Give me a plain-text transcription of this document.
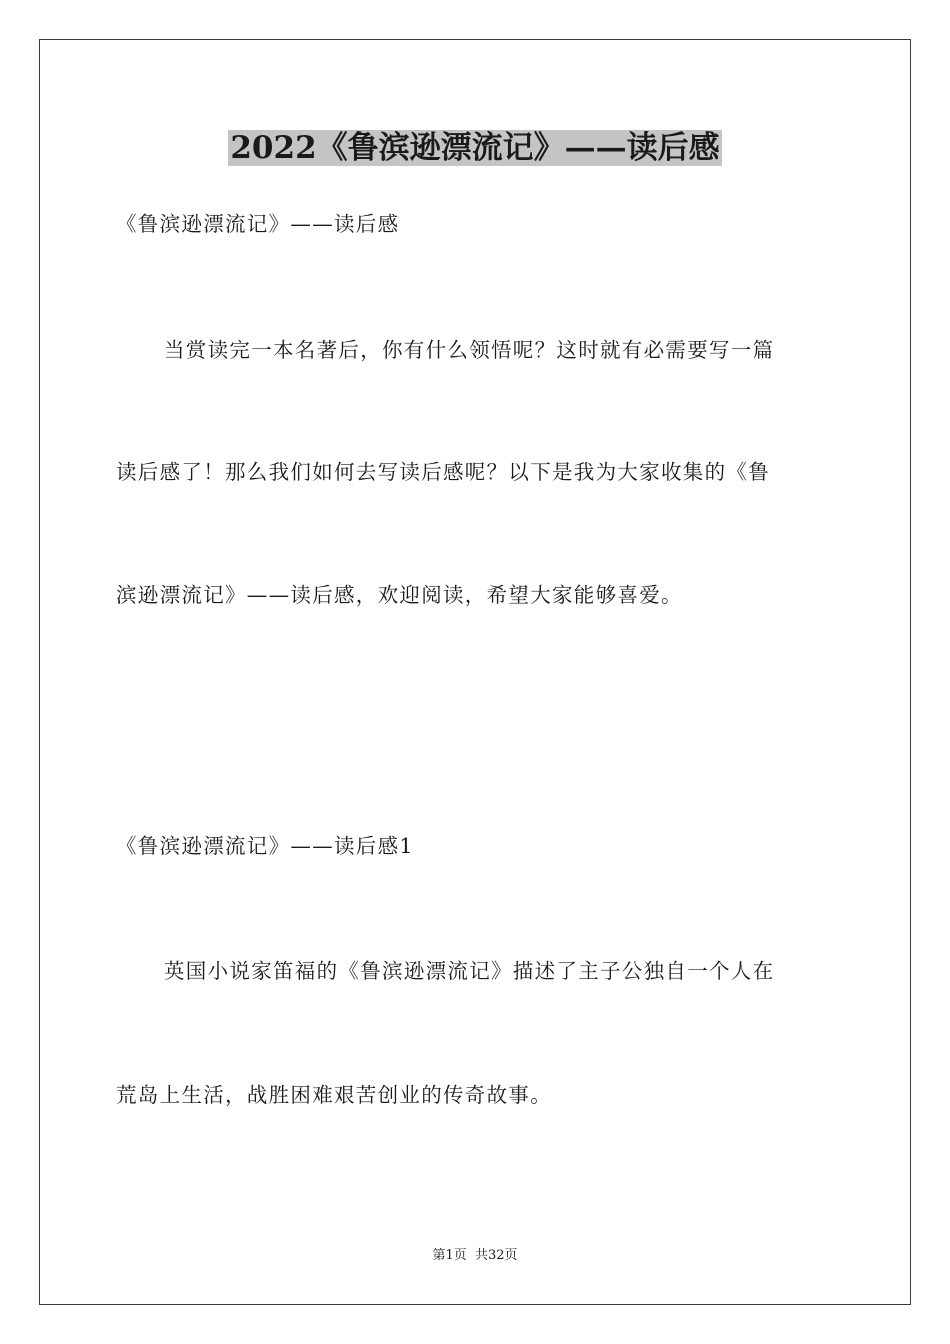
2022《鲁滨逊漂流记》——读后感

《鲁滨逊漂流记》——读后感

当赏读完一本名著后，你有什么领悟呢？这时就有必需要写一篇

读后感了！那么我们如何去写读后感呢？以下是我为大家收集的《鲁

滨逊漂流记》——读后感，欢迎阅读，希望大家能够喜爱。

《鲁滨逊漂流记》——读后感1

英国小说家笛福的《鲁滨逊漂流记》描述了主子公独自一个人在

荒岛上生活，战胜困难艰苦创业的传奇故事。

第1页  共32页
